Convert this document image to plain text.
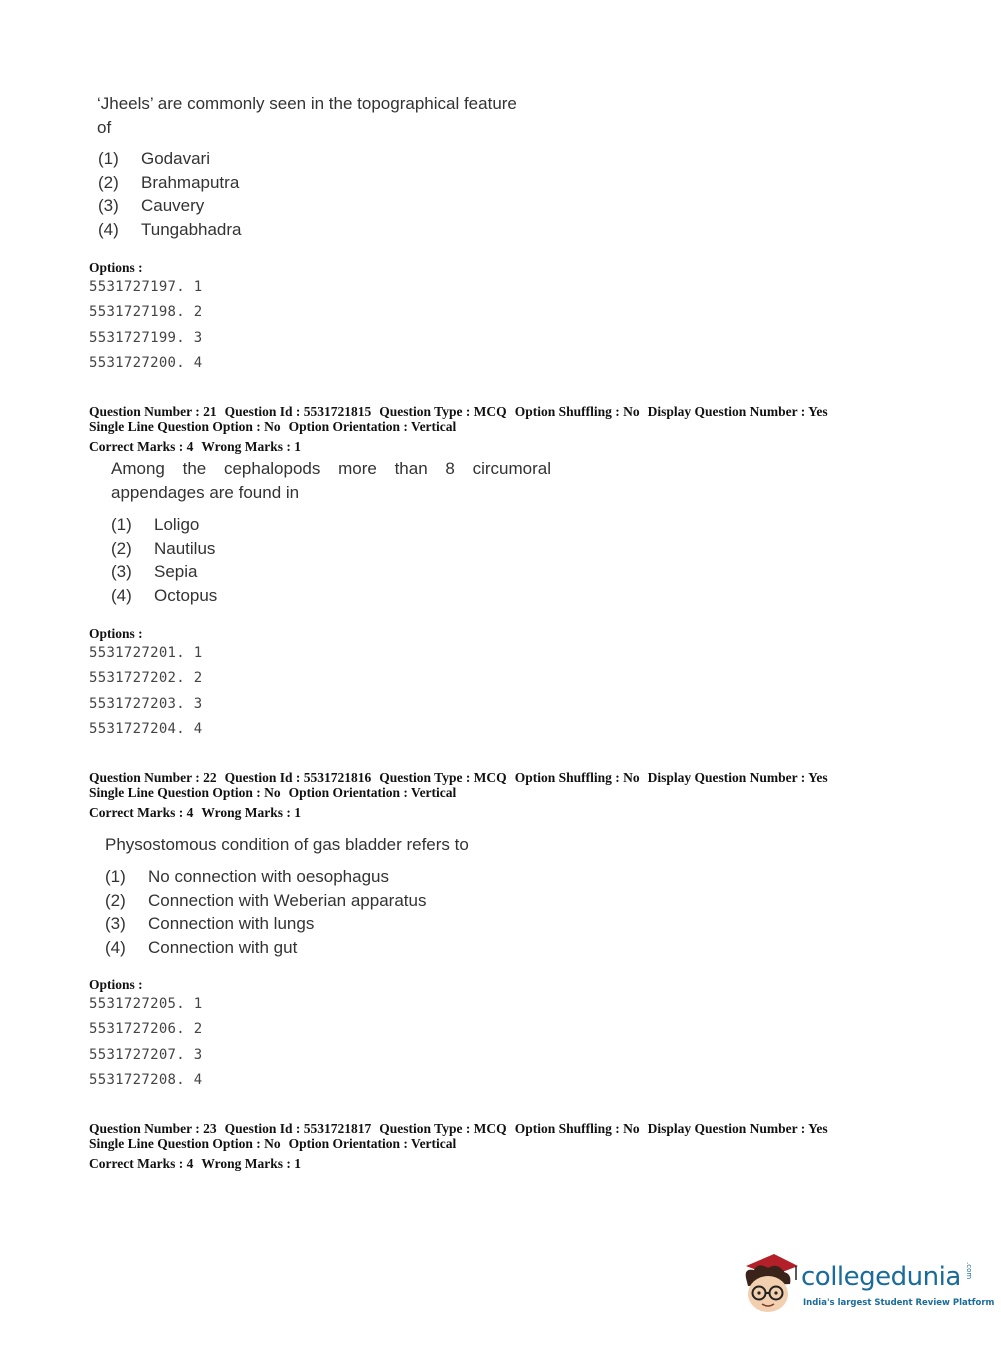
‘Jheels’ are commonly seen in the topographical feature

of

(1) Godavari
(2) Brahmaputra
(3) Cauvery
(4) Tungabhadra
Options :
5531727197. 1
5531727198. 2
5531727199. 3
5531727200. 4
Question Number : 21 Question Id : 5531721815 Question Type : MCQ Option Shuffling : No Display Question Number : Yes
Single Line Question Option : No Option Orientation : Vertical
Correct Marks : 4 Wrong Marks : 1

Among the cephalopods more than 8 circumoral

appendages are found in

(1) Loligo
(2) Nautilus
(3) Sepia
(4) Octopus
Options :
5531727201. 1
5531727202. 2
5531727203. 3
5531727204. 4
Question Number : 22 Question Id : 5531721816 Question Type : MCQ Option Shuffling : No Display Question Number : Yes
Single Line Question Option : No Option Orientation : Vertical
Correct Marks : 4 Wrong Marks : 1

Physostomous condition of gas bladder refers to

(1) No connection with oesophagus
(2) Connection with Weberian apparatus
(3) Connection with lungs
(4) Connection with gut
Options :
5531727205. 1
5531727206. 2
5531727207. 3
5531727208. 4
Question Number : 23 Question Id : 5531721817 Question Type : MCQ Option Shuffling : No Display Question Number : Yes
Single Line Question Option : No Option Orientation : Vertical
Correct Marks : 4 Wrong Marks : 1
collegedunia .com
India's largest Student Review Platform
